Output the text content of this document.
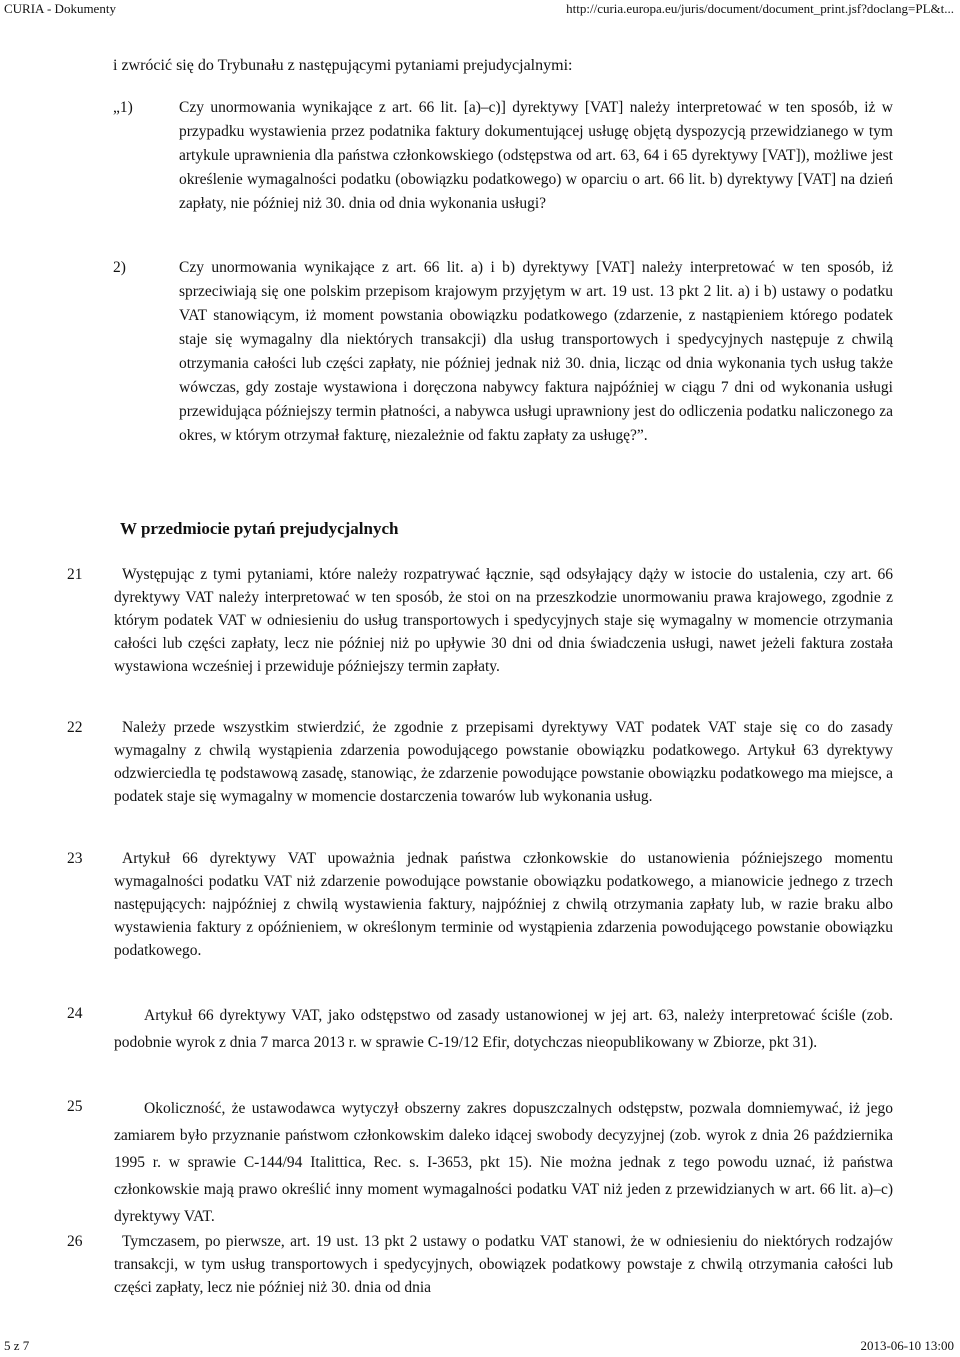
CURIA - Dokumenty	http://curia.europa.eu/juris/document/document_print.jsf?doclang=PL&t...
i zwrócić się do Trybunału z następującymi pytaniami prejudycjalnymi:
„1)	Czy unormowania wynikające z art. 66 lit. [a)–c)] dyrektywy [VAT] należy interpretować w ten sposób, iż w przypadku wystawienia przez podatnika faktury dokumentującej usługę objętą dyspozycją przewidzianego w tym artykule uprawnienia dla państwa członkowskiego (odstępstwa od art. 63, 64 i 65 dyrektywy [VAT]), możliwe jest określenie wymagalności podatku (obowiązku podatkowego) w oparciu o art. 66 lit. b) dyrektywy [VAT] na dzień zapłaty, nie później niż 30. dnia od dnia wykonania usługi?
2)	Czy unormowania wynikające z art. 66 lit. a) i b) dyrektywy [VAT] należy interpretować w ten sposób, iż sprzeciwiają się one polskim przepisom krajowym przyjętym w art. 19 ust. 13 pkt 2 lit. a) i b) ustawy o podatku VAT stanowiącym, iż moment powstania obowiązku podatkowego (zdarzenie, z nastąpieniem którego podatek staje się wymagalny dla niektórych transakcji) dla usług transportowych i spedycyjnych następuje z chwilą otrzymania całości lub części zapłaty, nie później jednak niż 30. dnia, licząc od dnia wykonania tych usług także wówczas, gdy zostaje wystawiona i doręczona nabywcy faktura najpóźniej w ciągu 7 dni od wykonania usługi przewidująca późniejszy termin płatności, a nabywca usługi uprawniony jest do odliczenia podatku naliczonego za okres, w którym otrzymał fakturę, niezależnie od faktu zapłaty za usługę?”.
W przedmiocie pytań prejudycjalnych
21	Występując z tymi pytaniami, które należy rozpatrywać łącznie, sąd odsyłający dąży w istocie do ustalenia, czy art. 66 dyrektywy VAT należy interpretować w ten sposób, że stoi on na przeszkodzie unormowaniu prawa krajowego, zgodnie z którym podatek VAT w odniesieniu do usług transportowych i spedycyjnych staje się wymagalny w momencie otrzymania całości lub części zapłaty, lecz nie później niż po upływie 30 dni od dnia świadczenia usługi, nawet jeżeli faktura została wystawiona wcześniej i przewiduje późniejszy termin zapłaty.
22	Należy przede wszystkim stwierdzić, że zgodnie z przepisami dyrektywy VAT podatek VAT staje się co do zasady wymagalny z chwilą wystąpienia zdarzenia powodującego powstanie obowiązku podatkowego. Artykuł 63 dyrektywy odzwierciedla tę podstawową zasadę, stanowiąc, że zdarzenie powodujące powstanie obowiązku podatkowego ma miejsce, a podatek staje się wymagalny w momencie dostarczenia towarów lub wykonania usług.
23	Artykuł 66 dyrektywy VAT upoważnia jednak państwa członkowskie do ustanowienia późniejszego momentu wymagalności podatku VAT niż zdarzenie powodujące powstanie obowiązku podatkowego, a mianowicie jednego z trzech następujących: najpóźniej z chwilą wystawienia faktury, najpóźniej z chwilą otrzymania zapłaty lub, w razie braku albo wystawienia faktury z opóźnieniem, w określonym terminie od wystąpienia zdarzenia powodującego powstanie obowiązku podatkowego.
24	Artykuł 66 dyrektywy VAT, jako odstępstwo od zasady ustanowionej w jej art. 63, należy interpretować ściśle (zob. podobnie wyrok z dnia 7 marca 2013 r. w sprawie C-19/12 Efir, dotychczas nieopublikowany w Zbiorze, pkt 31).
25	Okoliczność, że ustawodawca wytyczył obszerny zakres dopuszczalnych odstępstw, pozwala domniemywać, iż jego zamiarem było przyznanie państwom członkowskim daleko idącej swobody decyzyjnej (zob. wyrok z dnia 26 października 1995 r. w sprawie C-144/94 Italittica, Rec. s. I-3653, pkt 15). Nie można jednak z tego powodu uznać, iż państwa członkowskie mają prawo określić inny moment wymagalności podatku VAT niż jeden z przewidzianych w art. 66 lit. a)–c) dyrektywy VAT.
26	Tymczasem, po pierwsze, art. 19 ust. 13 pkt 2 ustawy o podatku VAT stanowi, że w odniesieniu do niektórych rodzajów transakcji, w tym usług transportowych i spedycyjnych, obowiązek podatkowy powstaje z chwilą otrzymania całości lub części zapłaty, lecz nie później niż 30. dnia od dnia
5 z 7	2013-06-10 13:00
